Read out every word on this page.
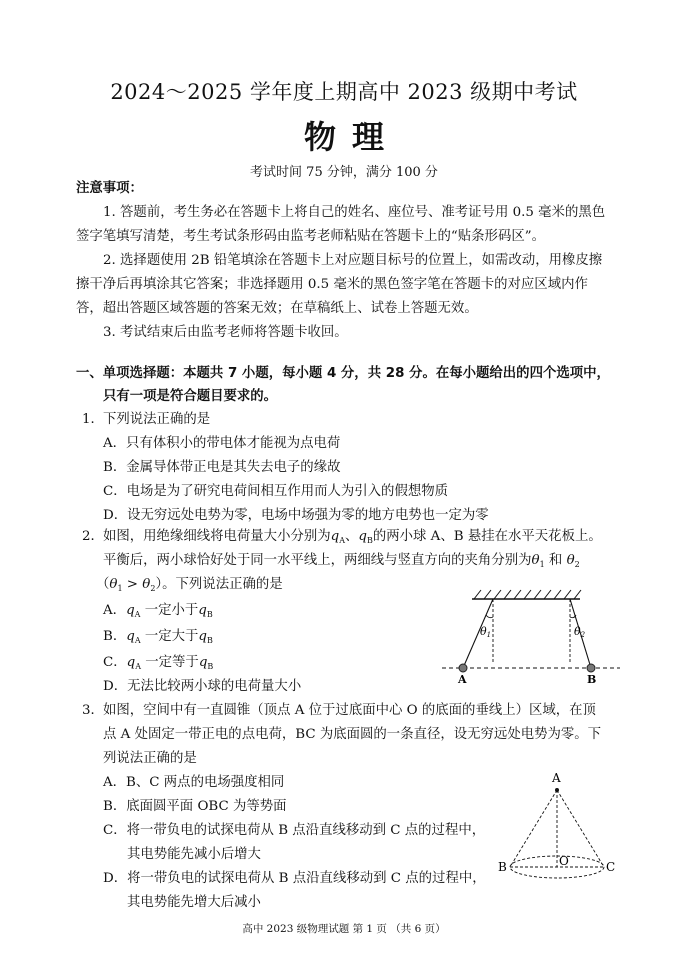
2024～2025 学年度上期高中 2023 级期中考试
物理
考试时间 75 分钟，满分 100 分
注意事项：
1. 答题前，考生务必在答题卡上将自己的姓名、座位号、准考证号用 0.5 毫米的黑色
签字笔填写清楚，考生考试条形码由监考老师粘贴在答题卡上的“贴条形码区”。
2. 选择题使用 2B 铅笔填涂在答题卡上对应题目标号的位置上，如需改动，用橡皮擦
擦干净后再填涂其它答案；非选择题用 0.5 毫米的黑色签字笔在答题卡的对应区域内作
答，超出答题区域答题的答案无效；在草稿纸上、试卷上答题无效。
3. 考试结束后由监考老师将答题卡收回。
一、单项选择题：本题共 7 小题，每小题 4 分，共 28 分。在每小题给出的四个选项中，
只有一项是符合题目要求的。
1． 下列说法正确的是
A．只有体积小的带电体才能视为点电荷
B．金属导体带正电是其失去电子的缘故
C．电场是为了研究电荷间相互作用而人为引入的假想物质
D．设无穷远处电势为零，电场中场强为零的地方电势也一定为零
2． 如图，用绝缘细线将电荷量大小分别为$q_A$、$q_B$的两小球 A、B 悬挂在水平天花板上。
平衡后，两小球恰好处于同一水平线上，两细线与竖直方向的夹角分别为$\theta_1$ 和 $\theta_2$
$(\theta_1 > \theta_2)$。下列说法正确的是
A．$q_A$ 一定小于$q_B$
B．$q_A$ 一定大于$q_B$
C．$q_A$ 一定等于$q_B$
D．无法比较两小球的电荷量大小
θ1	θ2
A	B
3． 如图，空间中有一直圆锥（顶点 A 位于过底面中心 O 的底面的垂线上）区域，在顶
点 A 处固定一带正电的点电荷，BC 为底面圆的一条直径，设无穷远处电势为零。下
列说法正确的是
A．B、C 两点的电场强度相同
B．底面圆平面 OBC 为等势面
C．将一带负电的试探电荷从 B 点沿直线移动到 C 点的过程中，
其电势能先减小后增大
D．将一带负电的试探电荷从 B 点沿直线移动到 C 点的过程中，
其电势能先增大后减小
A
B	O	C
高中 2023 级物理试题 第 1 页 （共 6 页）
